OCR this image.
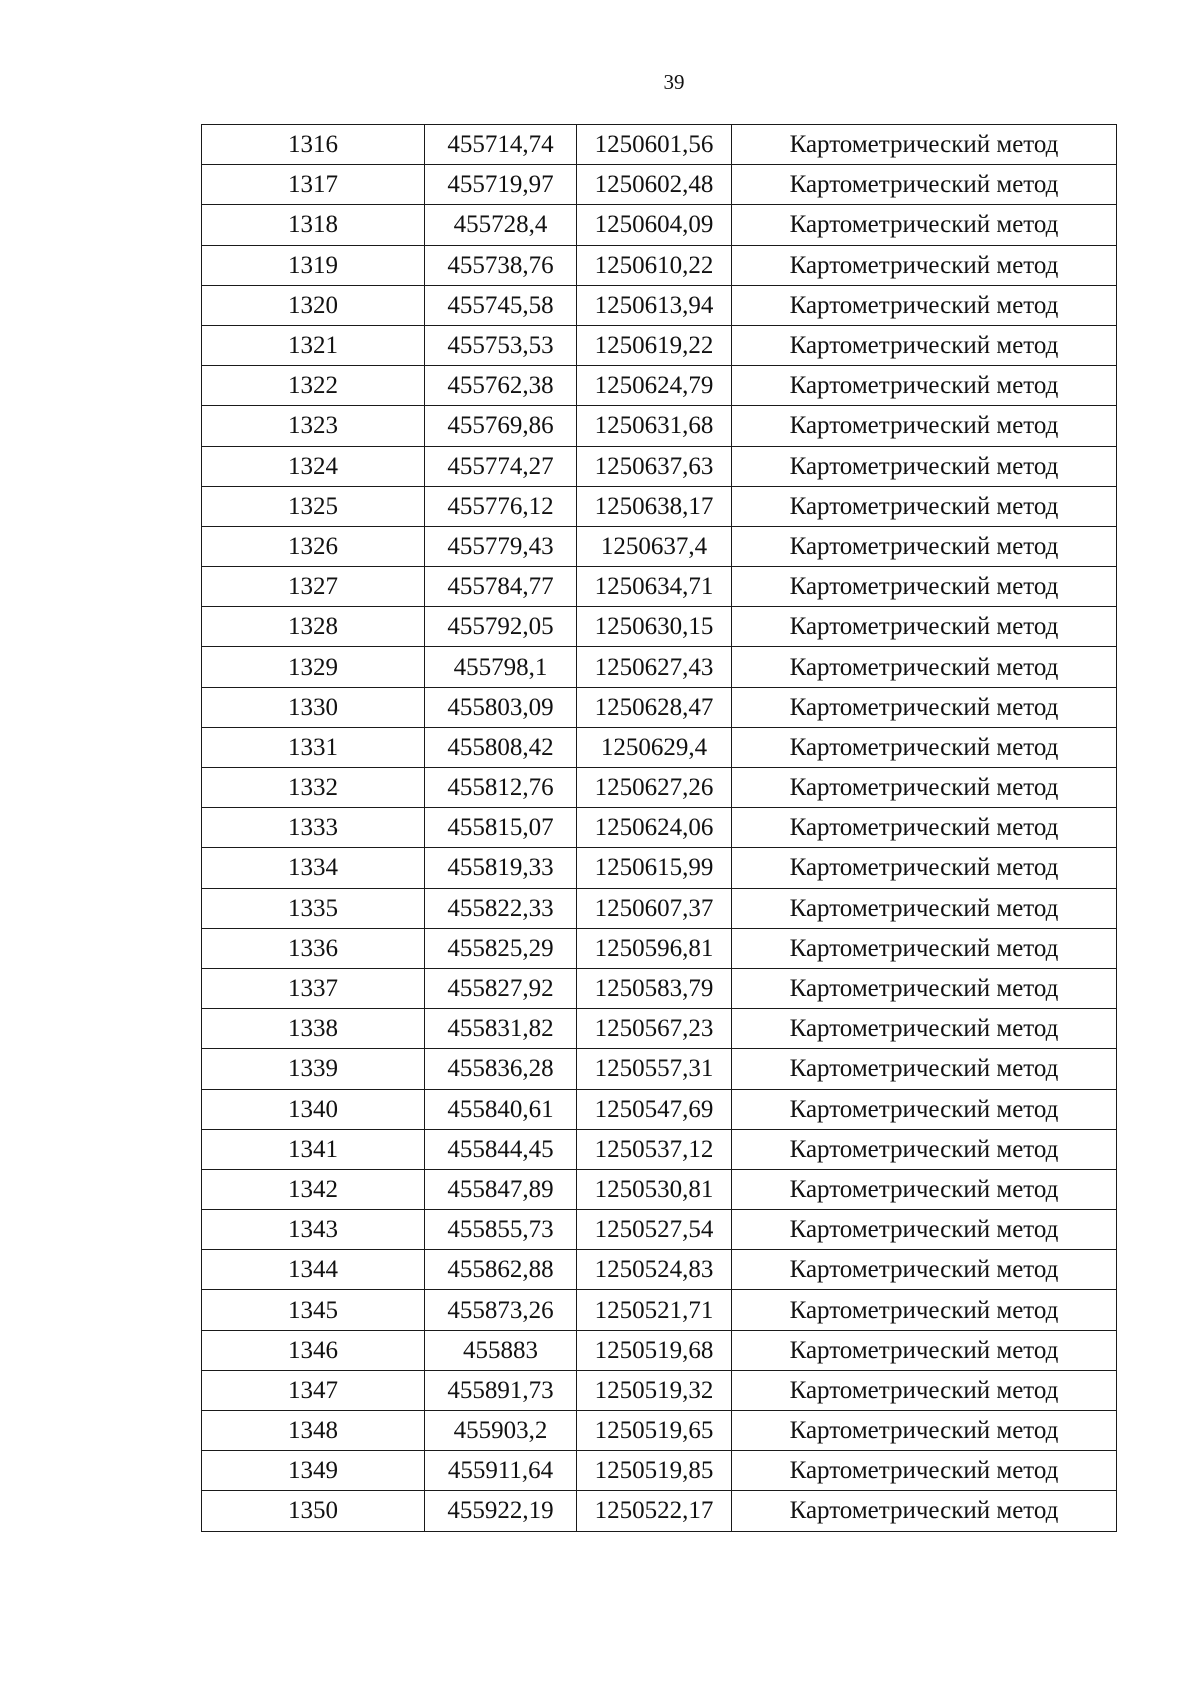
39
1316	455714,74	1250601,56	Картометрический метод
1317	455719,97	1250602,48	Картометрический метод
1318	455728,4	1250604,09	Картометрический метод
1319	455738,76	1250610,22	Картометрический метод
1320	455745,58	1250613,94	Картометрический метод
1321	455753,53	1250619,22	Картометрический метод
1322	455762,38	1250624,79	Картометрический метод
1323	455769,86	1250631,68	Картометрический метод
1324	455774,27	1250637,63	Картометрический метод
1325	455776,12	1250638,17	Картометрический метод
1326	455779,43	1250637,4	Картометрический метод
1327	455784,77	1250634,71	Картометрический метод
1328	455792,05	1250630,15	Картометрический метод
1329	455798,1	1250627,43	Картометрический метод
1330	455803,09	1250628,47	Картометрический метод
1331	455808,42	1250629,4	Картометрический метод
1332	455812,76	1250627,26	Картометрический метод
1333	455815,07	1250624,06	Картометрический метод
1334	455819,33	1250615,99	Картометрический метод
1335	455822,33	1250607,37	Картометрический метод
1336	455825,29	1250596,81	Картометрический метод
1337	455827,92	1250583,79	Картометрический метод
1338	455831,82	1250567,23	Картометрический метод
1339	455836,28	1250557,31	Картометрический метод
1340	455840,61	1250547,69	Картометрический метод
1341	455844,45	1250537,12	Картометрический метод
1342	455847,89	1250530,81	Картометрический метод
1343	455855,73	1250527,54	Картометрический метод
1344	455862,88	1250524,83	Картометрический метод
1345	455873,26	1250521,71	Картометрический метод
1346	455883	1250519,68	Картометрический метод
1347	455891,73	1250519,32	Картометрический метод
1348	455903,2	1250519,65	Картометрический метод
1349	455911,64	1250519,85	Картометрический метод
1350	455922,19	1250522,17	Картометрический метод
